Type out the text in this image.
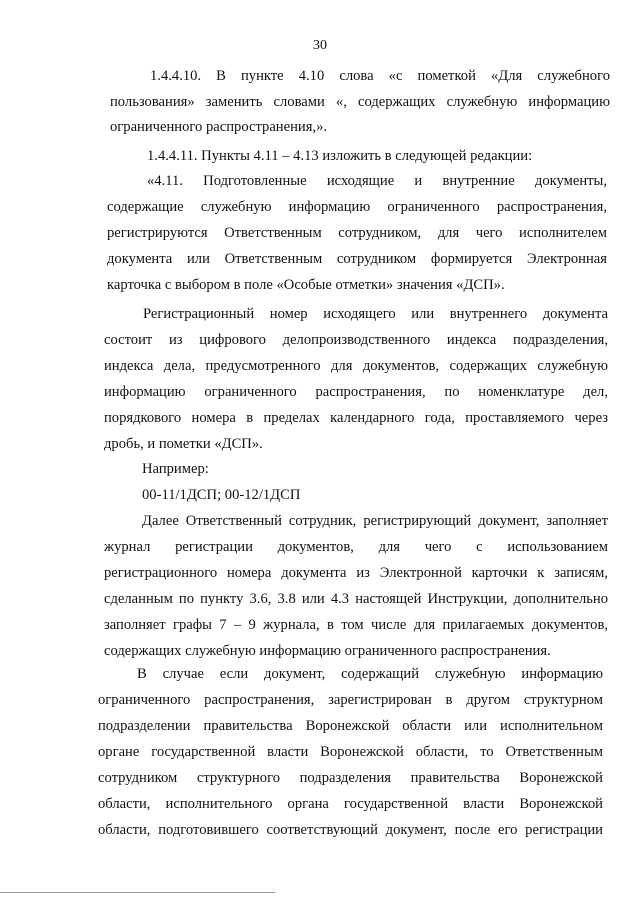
30
1.4.4.10. В пункте 4.10 слова «с пометкой «Для служебного
пользования» заменить словами «, содержащих служебную информацию
ограниченного распространения,».
1.4.4.11. Пункты 4.11 – 4.13 изложить в следующей редакции:
«4.11. Подготовленные исходящие и внутренние документы,
содержащие служебную информацию ограниченного распространения,
регистрируются Ответственным сотрудником, для чего исполнителем
документа или Ответственным сотрудником формируется Электронная
карточка с выбором в поле «Особые отметки» значения «ДСП».
Регистрационный номер исходящего или внутреннего документа
состоит из цифрового делопроизводственного индекса подразделения,
индекса дела, предусмотренного для документов, содержащих служебную
информацию ограниченного распространения, по номенклатуре дел,
порядкового номера в пределах календарного года, проставляемого через
дробь, и пометки «ДСП».
Например:
00-11/1ДСП; 00-12/1ДСП
Далее Ответственный сотрудник, регистрирующий документ, заполняет
журнал регистрации документов, для чего с использованием
регистрационного номера документа из Электронной карточки к записям,
сделанным по пункту 3.6, 3.8 или 4.3 настоящей Инструкции, дополнительно
заполняет графы 7 – 9 журнала, в том числе для прилагаемых документов,
содержащих служебную информацию ограниченного распространения.
В случае если документ, содержащий служебную информацию
ограниченного распространения, зарегистрирован в другом структурном
подразделении правительства Воронежской области или исполнительном
органе государственной власти Воронежской области, то Ответственным
сотрудником структурного подразделения правительства Воронежской
области, исполнительного органа государственной власти Воронежской
области, подготовившего соответствующий документ, после его регистрации
